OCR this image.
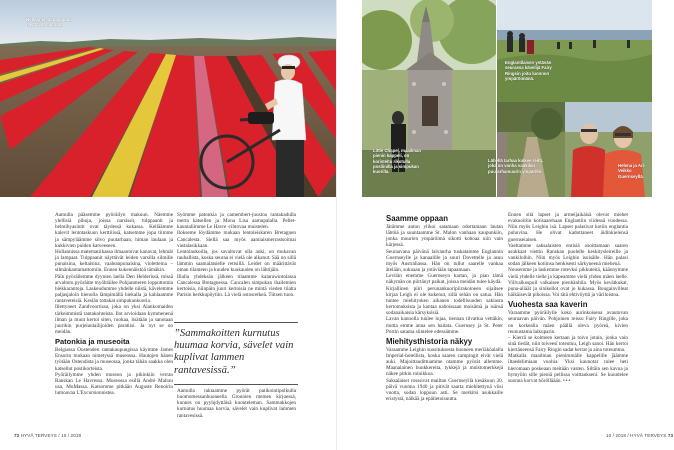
Hollannissa tulppaanit näyttävät matolta.

Aamulla pääsemme pyöräilyn makuun. Näemme ylellisiä pihoja, joissa narsissit, tulppaanit ja helmihyasintit ovat täydessä kukassa. Kelläämme kalevit lentotaskuun kerttiiissä, katsemme jopa tiimme ja sämpyläämme silvo puutarhaan, himan laulaan ja kukkivien puiden katveeseen.

Hollannissa matematiikassa ilmaantuvat kanavat, lehmät ja lampaat. Tulppaanit näyttävät leiden varsilla silmille punaisina, keltaisina, vaaleanpunaisina, violetteina – silmänkantamattomiin. Ennen kukennäistöä tämäkin.

Päin pyöräilemme dyynien laella Den Helderissä, missä arvaltutu pyöräitte myöhtäilee Pohjanmeren lopputtomia hiekkarantoja. Laskeudumme yhdelle niistä, kävelemme paljasjaloin hienolla lämpimällä hiekalla ja kahlaamme rantaveteisiä. Keslän tottakat simpukankuoria.

Illettyneet Zandvoortissa, joka on yksi Alankomaiden tärkeimmistä rantakohteista. Ilot arvioidaan kymmenenä ilman ja muut kertoi siten, ruokaa, lisätään ja sanotaan juurikin purjelautailijoiden paratiisi. Ja nyt se on meidän.

Patonkia ja museoita

Belgiassa Oostenden rantakaupungissa käymme James Ensorin mukaan nimetyssä museossa. Hautojen hänen työtään Ostendista ja museossa, jonka tähän saakka olen katsellut postikorteista.

Pyöräilymme yhden museon ja pikinkiin verran Ranskan Le Havressa. Museossa esillä André Malrau usa, MuMassa. Katsomme pitkään Auguste Renoirin lumoavaa L'Excursionnistea.

Syömme patonkia ja camembert-juustoa rantakadulla merta katsellen ja Mona Lisa aamupalalla. Pellet-kauntaliimme Le Havre -rihtovaa muistelen.

Ilokseme löydämme mukaan lentoleiskaren Bretagnen Cancalesta. Siellä saa myös aamiaismerrastsoimai vastalasikkaan.

Lentolaukoilla, jos savaituvat olla auki, on mukavan rauhallista, koska seuraa ei vielä ole alkanut. Sää on sillä lämmin saamalatsielle rettsillä. Leidet on määrittävät oman tilanteen ja kuuden kuukauden on lähtijäin.

Illalla yhdeksän jälkeen tilaamme kalarawintolassa Cancalessa Bretagnessa. Cancalen simpukan ihailemien kertoisia, niinpäin juuri kertoisia ne mintä vieden tilalta Parisin herkkupöytiin. Lä vielä ostosretkeä. Tiitsen tuon.

”Sammakoitten kurnutus huumaa korvia, sävelet vain kuplivat lammen rantavesissä.”

Aamulla taktaamme pyörät patikointipolkulla huomomessanhuoneella Grounien memen kirjoessä, kunnes on pyyhjdyttäisä kuonteleman. Sammakkojen kurnutus huumaa korvia, sävelet vain kuplivat lammen rantavesissä.

72 HYVÄ TERVEYS / 10 / 2018
Little Chapel, maailman pienin kappeli, on koristeltu rikotulla posliinilla ja simpukan kuorilla.
Englantilaisen ystävän seurassa kävelijä Fairy Ringsin joitu luonnon ympäröimänä.
Lähellä tarhaa kulkee reitti, joka on vanha vankilan puutarhamuurin ympärille.
Helena ja Ari-Veikko Guernseyllä.
Saamme oppaan

Jätämme auton ylikoi satamaan odottamaan lautan lähtöä ja suuntaamme St. Malon vanhaan kaupunkiin, jonka muurien ympäröimä sikotti koboaa niin vain kärjessä.

Seuraavana päivänä laivaurha tuskatamme Englannin Guernseylle ja kanaalille ja suuri Dovettelle ja asuu myös Australiassa. Hän on tullut saarelle vanhaa ätelään, sukuaan ja ystäviään tapaamaan.

Levitän enemme Guernseyn kartan, ja pian tämä näkymän on piirtänyt paikat, joissa meidän tulee käydä.

Kirjallinen piiri perunankuoripiirakoineen sijaitsee kirjaa Leigh ei ole kukenut, sillä sehän on satua. Hän tuntee miehitysken aikanen todellisuuden sakiasra kertomuksista ja kantaa nahoissaan moisämä ja isänsä sodanaikaisia kärsyksisiä.

Lavan kannolla tuulee lujaa, tiennan tilvattua vettäkin, mutta emme anna sen haitata. Guernsey ja St. Peter Portin satama siintelee edessämme.

Miehitysthistoria näkyy

Varaamme Leighin suosituksesta huoneen meriäköalalla Imperial-hotellista, koska saaren campingit eivät vielä auki. Majoittaudittuamme otamme pyörät allemme. Maanalainen bunkkereita, tykkejä ja muistomerkkejä näkee pitkin ruinikkoa.

Saksalaiset rosssivat mailtan Guernseyllä kesäkuun 30. päivä vuonna 1940 ja pitivät saarta miehitettynä viisi vuotta, sodan loppuun asti. Se merkitsi asukkaille eristystä, nälkää ja epätietoisuutta.

Ennen sitä lapset ja armeijaikäisä olevat miehet evakuoitiin kotisaarehaan Englantiin viidessä vuodessa. Niin myös Leighin isä. Lapset palasivat kotiin englantia puhuvina. He olivat kadottaneet äidinkielensä guernseiaisen.

Vaeltamme saksalaisten entisiä osoittamaan saaren asukkaat viettin Ranskan puolelle keskitysleireille ja vankiloihin. Niin myös Leighin isoisälle. Hän palasi sodan jälkeen kotiinsa henkisesti särkyneenä miehenä.

Nousemme ja laskemme rotevksi pikkuteitä, käännymme vielä yhdelle tielle ja kapeamme vielä yhden mäen laelle. Villvalkospuil valkaisee pienhänhila. Myös kevätkukat, puna-aliäät ja sinikellot ovat jo kukassa. Bougainvilleat häikäisevät pihoissa. Voi tätä ehtivöyttä ja väriloistoa.

Vuohesta saa kaverin

Varaamme pyöräilylle koko aurinkoisena avautuvan seuraavan päivän. Pohjoinen reissu Fairy Ringille, joka on korkealla mäen päällä oleva pyöreä, kivien reunustama laikuparin.

– Kierrä se kolmeen kertaan ja toivo jotain, jonka vain sinä tiedät, niin toiveesi toteutuu, Leigh sanoi. Hän kertoi kiertäneensä Fairy Ringin sadat kerrat ja aina toteumma.

Matkalla maailman pienimmälle kappelille jäämme iltaedelimiaan vuohia. Yksi kaunotar tulee heti hieromaan poskeaan meitään vasten. Siltäin sen kavua ja hymyilin sille pieniä pellissa voittaukseni. Se kuuntelee suonna korvat hörölläään. •••

10 / 2018 / HYVÄ TERVEYS 73
